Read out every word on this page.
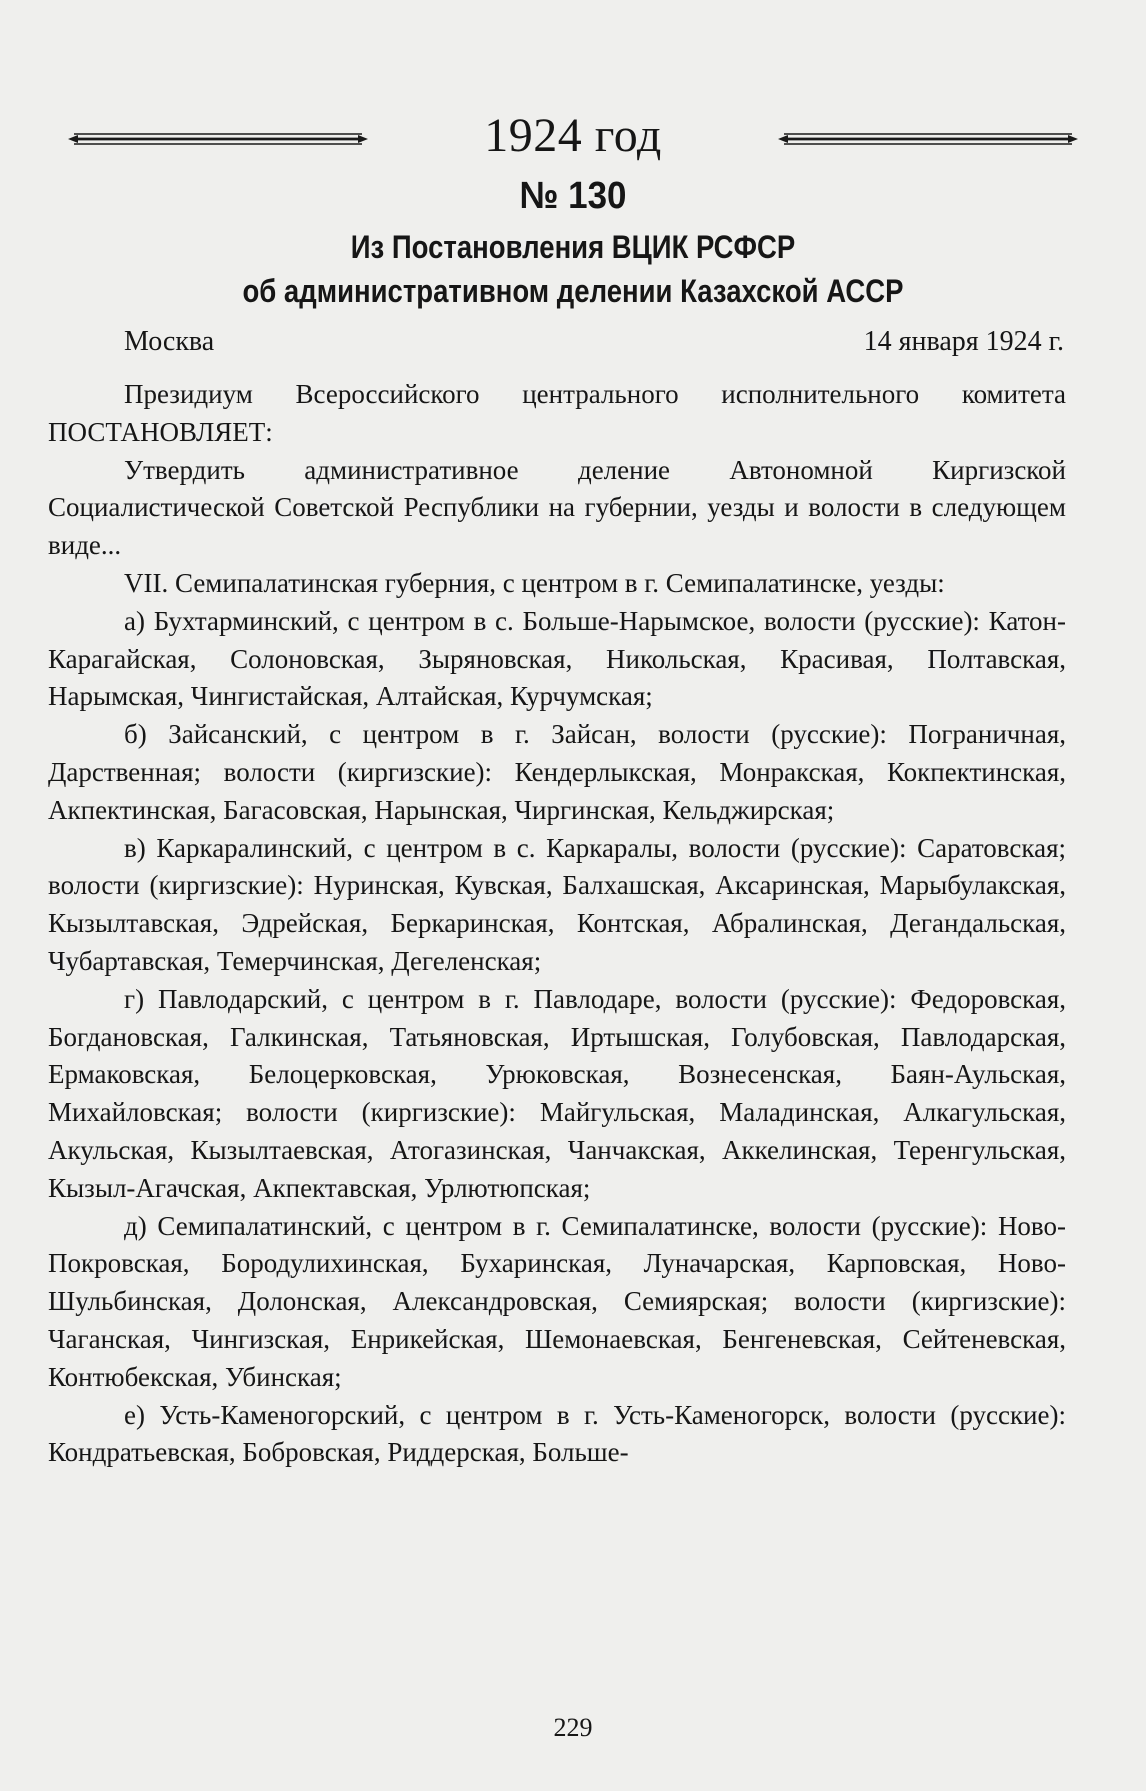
1924 год
№ 130
Из Постановления ВЦИК РСФСР
об административном делении Казахской АССР
Москва	14 января 1924 г.

Президиум Всероссийского центрального исполнительного комитета ПОСТАНОВЛЯЕТ:

Утвердить административное деление Автономной Киргизской Социалистической Советской Республики на губернии, уезды и волости в следующем виде...

VII. Семипалатинская губерния, с центром в г. Семипалатинске, уезды:

а) Бухтарминский, с центром в с. Больше-Нарымское, волости (русские): Катон-Карагайская, Солоновская, Зыряновская, Никольская, Красивая, Полтавская, Нарымская, Чингистайская, Алтайская, Курчумская;

б) Зайсанский, с центром в г. Зайсан, волости (русские): Пограничная, Дарственная; волости (киргизские): Кендерлыкская, Монракская, Кокпектинская, Акпектинская, Багасовская, Нарынская, Чиргинская, Кельджирская;

в) Каркаралинский, с центром в с. Каркаралы, волости (русские): Саратовская; волости (киргизские): Нуринская, Кувская, Балхашская, Аксаринская, Марыбулакская, Кызылтавская, Эдрейская, Беркаринская, Контская, Абралинская, Дегандальская, Чубартавская, Темерчинская, Дегеленская;

г) Павлодарский, с центром в г. Павлодаре, волости (русские): Федоровская, Богдановская, Галкинская, Татьяновская, Иртышская, Голубовская, Павлодарская, Ермаковская, Белоцерковская, Урюковская, Вознесенская, Баян-Аульская, Михайловская; волости (киргизские): Майгульская, Маладинская, Алкагульская, Акульская, Кызылтаевская, Атогазинская, Чанчакская, Аккелинская, Теренгульская, Кызыл-Агачская, Акпектавская, Урлютюпская;

д) Семипалатинский, с центром в г. Семипалатинске, волости (русские): Ново-Покровская, Бородулихинская, Бухаринская, Луначарская, Карповская, Ново-Шульбинская, Долонская, Александровская, Семиярская; волости (киргизские): Чаганская, Чингизская, Енрикейская, Шемонаевская, Бенгеневская, Сейтеневская, Контюбекская, Убинская;

е) Усть-Каменогорский, с центром в г. Усть-Каменогорск, волости (русские): Кондратьевская, Бобровская, Риддерская, Больше-

229
